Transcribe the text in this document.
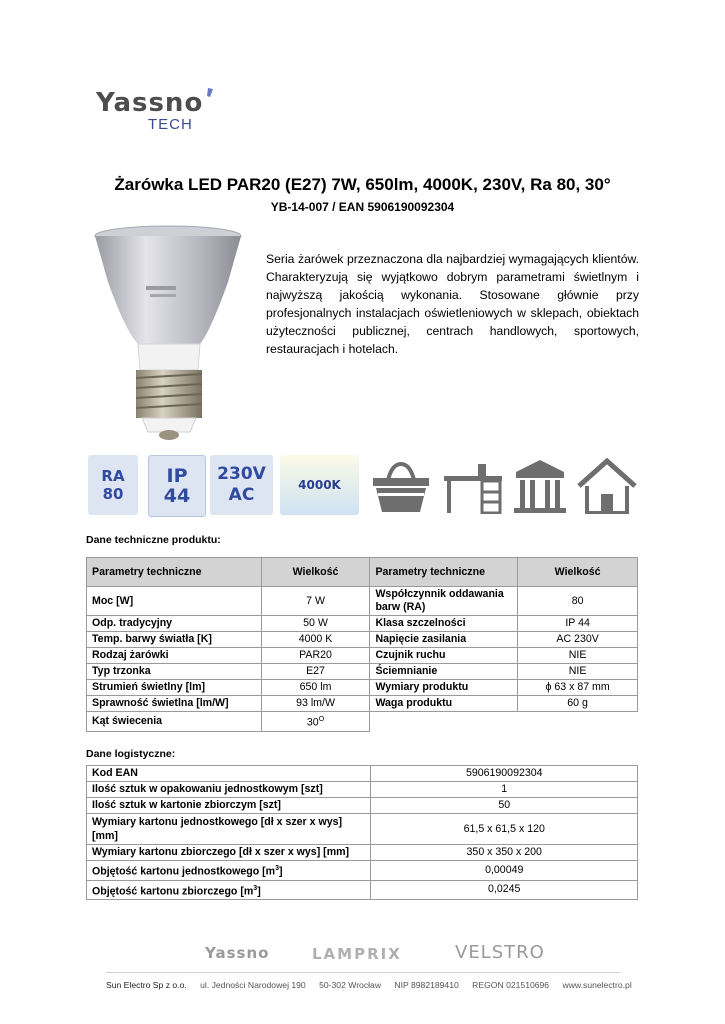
Yassno
TECH
Żarówka LED PAR20 (E27) 7W, 650lm, 4000K, 230V, Ra 80, 30°
YB-14-007 / EAN 5906190092304
Seria żarówek przeznaczona dla najbardziej wymagających klientów. Charakteryzują się wyjątkowo dobrym parametrami świetlnym i najwyższą jakością wykonania. Stosowane głównie przy profesjonalnych instalacjach oświetleniowych w sklepach, obiektach użyteczności publicznej, centrach handlowych, sportowych, restauracjach i hotelach.
RA
80
IP
44
230V
AC	4000K
Dane techniczne produktu:
Parametry techniczne	Wielkość	Parametry techniczne	Wielkość
Moc [W]	7 W	Współczynnik oddawania barw (RA)	80
Odp. tradycyjny	50 W	Klasa szczelności	IP 44
Temp. barwy światła [K]	4000 K	Napięcie zasilania	AC 230V
Rodzaj żarówki	PAR20	Czujnik ruchu	NIE
Typ trzonka	E27	Ściemnianie	NIE
Strumień świetlny [lm]	650 lm	Wymiary produktu	ϕ 63 x 87 mm
Sprawność świetlna [lm/W]	93 lm/W	Waga produktu	60 g
Kąt świecenia	$30^O$	
Dane logistyczne:
Kod EAN	5906190092304
Ilość sztuk w opakowaniu jednostkowym [szt]	1
Ilość sztuk w kartonie zbiorczym [szt]	50
Wymiary kartonu jednostkowego [dł x szer x wys] [mm]	61,5 x 61,5 x 120
Wymiary kartonu zbiorczego [dł x szer x wys] [mm]	350 x 350 x 200
Objętość kartonu jednostkowego $[m^3]$	0,00049
Objętość kartonu zbiorczego $[m^3]$	0,0245
Yassno	LAMPRIX	VELSTRO
Sun Electro Sp z o.o. ul. Jedności Narodowej 190 50-302 Wrocław NIP 8982189410 REGON 021510696 www.sunelectro.pl
